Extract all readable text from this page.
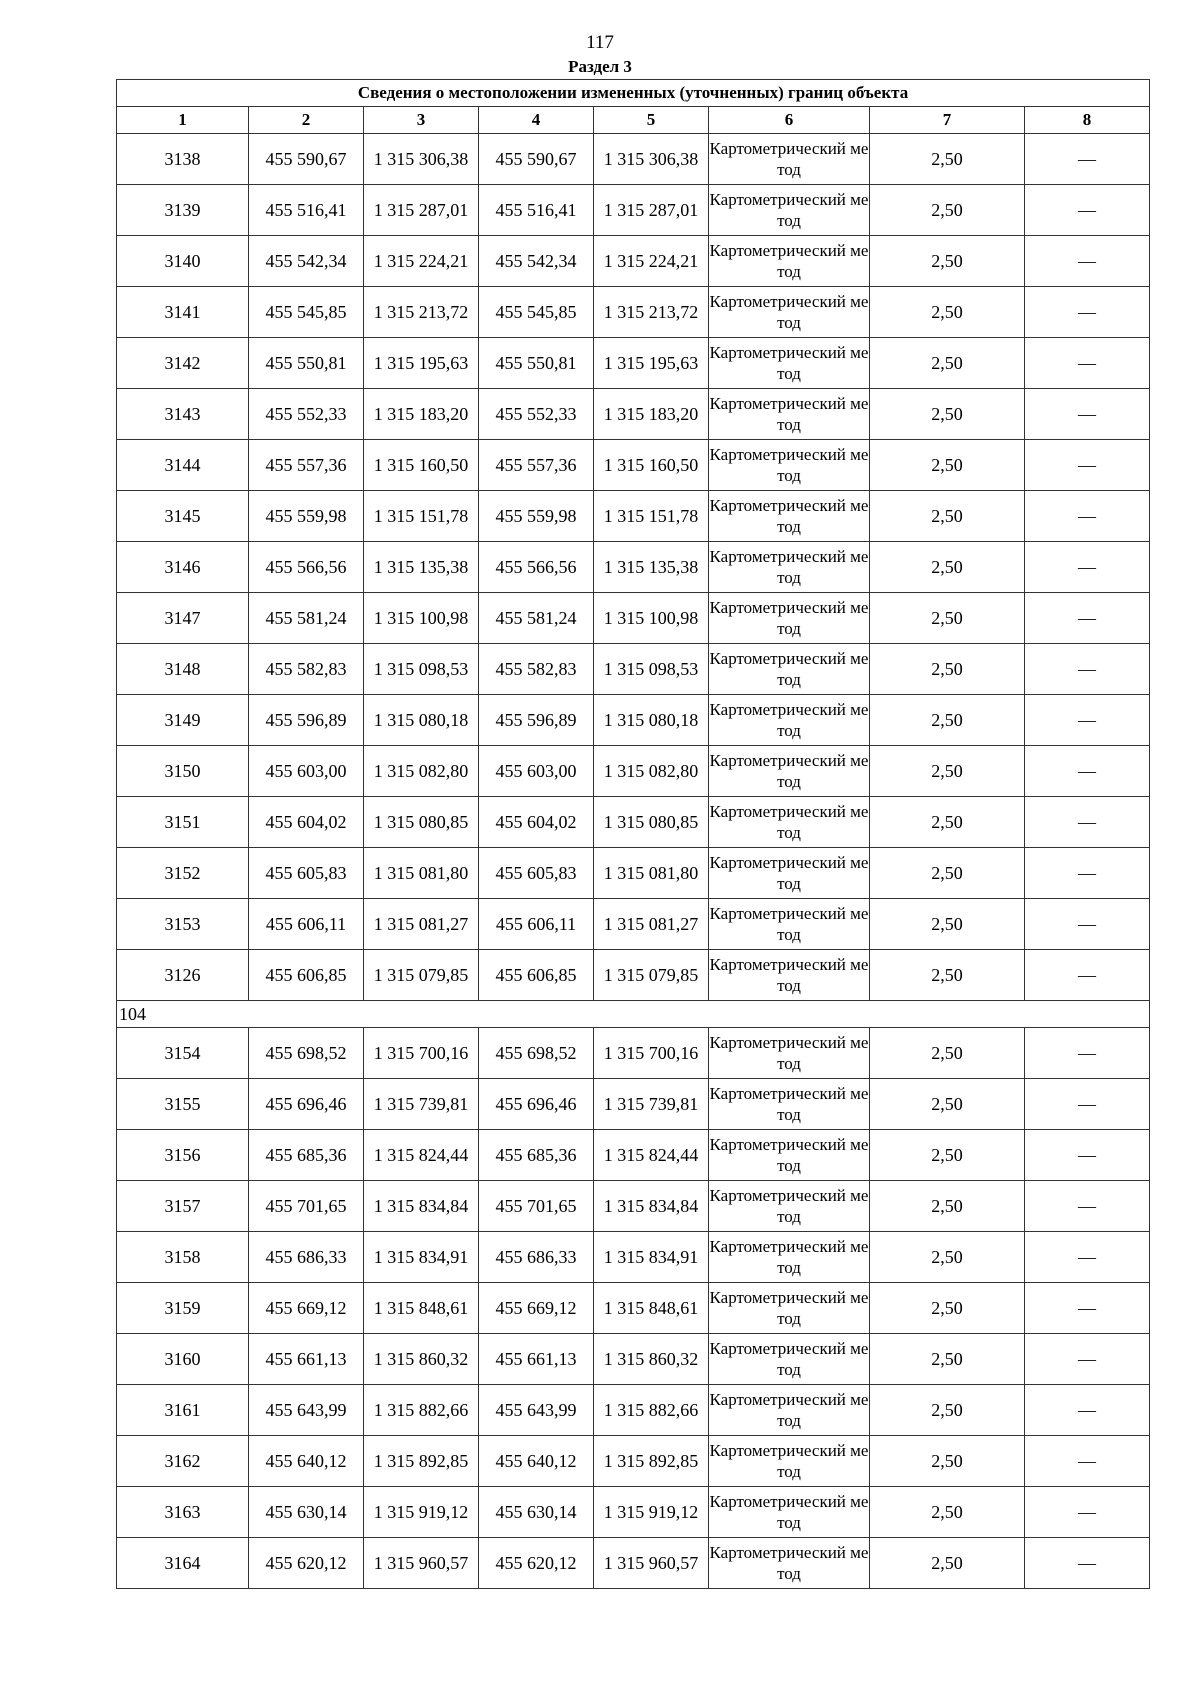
117
Раздел 3
Сведения о местоположении измененных (уточненных) границ объекта							
1	2	3	4	5	6	7	8
3138	455 590,67	1 315 306,38	455 590,67	1 315 306,38	Картометрический метод	2,50	—
3139	455 516,41	1 315 287,01	455 516,41	1 315 287,01	Картометрический метод	2,50	—
3140	455 542,34	1 315 224,21	455 542,34	1 315 224,21	Картометрический метод	2,50	—
3141	455 545,85	1 315 213,72	455 545,85	1 315 213,72	Картометрический метод	2,50	—
3142	455 550,81	1 315 195,63	455 550,81	1 315 195,63	Картометрический метод	2,50	—
3143	455 552,33	1 315 183,20	455 552,33	1 315 183,20	Картометрический метод	2,50	—
3144	455 557,36	1 315 160,50	455 557,36	1 315 160,50	Картометрический метод	2,50	—
3145	455 559,98	1 315 151,78	455 559,98	1 315 151,78	Картометрический метод	2,50	—
3146	455 566,56	1 315 135,38	455 566,56	1 315 135,38	Картометрический метод	2,50	—
3147	455 581,24	1 315 100,98	455 581,24	1 315 100,98	Картометрический метод	2,50	—
3148	455 582,83	1 315 098,53	455 582,83	1 315 098,53	Картометрический метод	2,50	—
3149	455 596,89	1 315 080,18	455 596,89	1 315 080,18	Картометрический метод	2,50	—
3150	455 603,00	1 315 082,80	455 603,00	1 315 082,80	Картометрический метод	2,50	—
3151	455 604,02	1 315 080,85	455 604,02	1 315 080,85	Картометрический метод	2,50	—
3152	455 605,83	1 315 081,80	455 605,83	1 315 081,80	Картометрический метод	2,50	—
3153	455 606,11	1 315 081,27	455 606,11	1 315 081,27	Картометрический метод	2,50	—
3126	455 606,85	1 315 079,85	455 606,85	1 315 079,85	Картометрический метод	2,50	—
104							
3154	455 698,52	1 315 700,16	455 698,52	1 315 700,16	Картометрический метод	2,50	—
3155	455 696,46	1 315 739,81	455 696,46	1 315 739,81	Картометрический метод	2,50	—
3156	455 685,36	1 315 824,44	455 685,36	1 315 824,44	Картометрический метод	2,50	—
3157	455 701,65	1 315 834,84	455 701,65	1 315 834,84	Картометрический метод	2,50	—
3158	455 686,33	1 315 834,91	455 686,33	1 315 834,91	Картометрический метод	2,50	—
3159	455 669,12	1 315 848,61	455 669,12	1 315 848,61	Картометрический метод	2,50	—
3160	455 661,13	1 315 860,32	455 661,13	1 315 860,32	Картометрический метод	2,50	—
3161	455 643,99	1 315 882,66	455 643,99	1 315 882,66	Картометрический метод	2,50	—
3162	455 640,12	1 315 892,85	455 640,12	1 315 892,85	Картометрический метод	2,50	—
3163	455 630,14	1 315 919,12	455 630,14	1 315 919,12	Картометрический метод	2,50	—
3164	455 620,12	1 315 960,57	455 620,12	1 315 960,57	Картометрический метод	2,50	—
